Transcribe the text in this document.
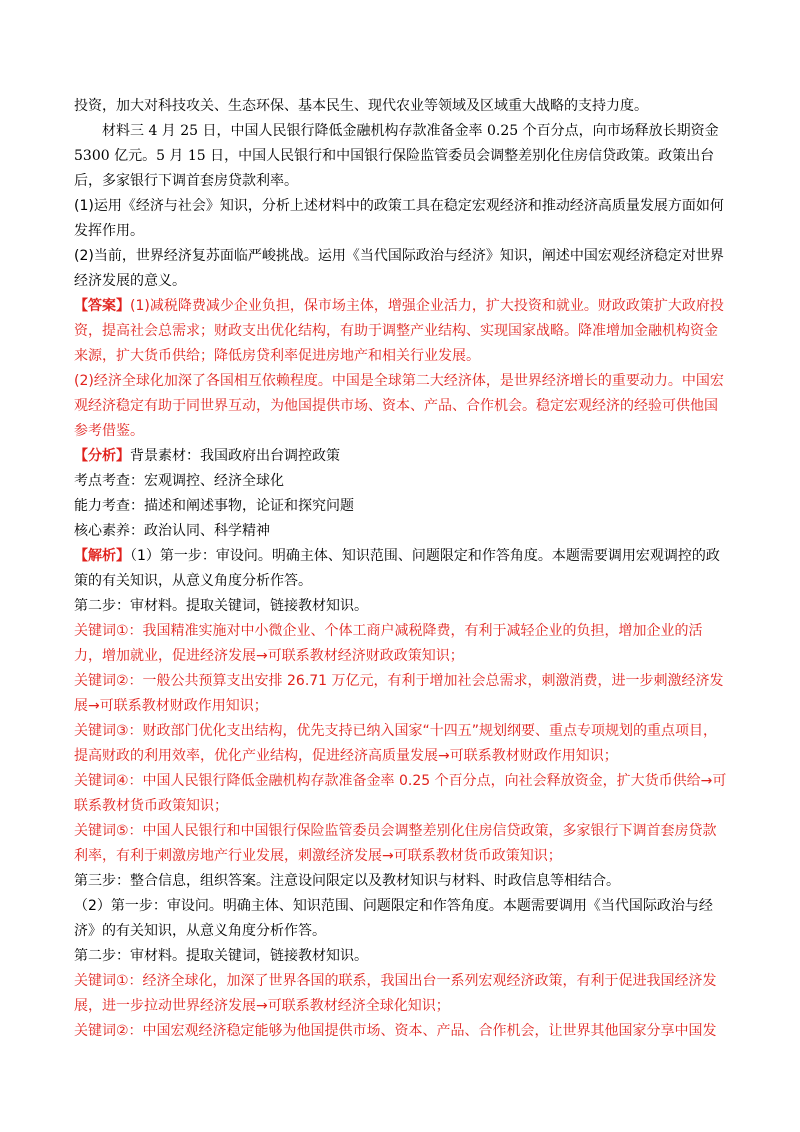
投资，加大对科技攻关、生态环保、基本民生、现代农业等领域及区域重大战略的支持力度。

材料三 4 月 25 日，中国人民银行降低金融机构存款准备金率 0.25 个百分点，向市场释放长期资金 5300 亿元。5 月 15 日，中国人民银行和中国银行保险监管委员会调整差别化住房信贷政策。政策出台后，多家银行下调首套房贷款利率。

(1)运用《经济与社会》知识，分析上述材料中的政策工具在稳定宏观经济和推动经济高质量发展方面如何发挥作用。

(2)当前，世界经济复苏面临严峻挑战。运用《当代国际政治与经济》知识，阐述中国宏观经济稳定对世界经济发展的意义。

【答案】(1)减税降费减少企业负担，保市场主体，增强企业活力，扩大投资和就业。财政政策扩大政府投资，提高社会总需求；财政支出优化结构，有助于调整产业结构、实现国家战略。降准增加金融机构资金来源，扩大货币供给；降低房贷利率促进房地产和相关行业发展。

(2)经济全球化加深了各国相互依赖程度。中国是全球第二大经济体，是世界经济增长的重要动力。中国宏观经济稳定有助于同世界互动，为他国提供市场、资本、产品、合作机会。稳定宏观经济的经验可供他国参考借鉴。

【分析】背景素材：我国政府出台调控政策

考点考查：宏观调控、经济全球化

能力考查：描述和阐述事物，论证和探究问题

核心素养：政治认同、科学精神

【解析】（1）第一步：审设问。明确主体、知识范围、问题限定和作答角度。本题需要调用宏观调控的政策的有关知识，从意义角度分析作答。

第二步：审材料。提取关键词，链接教材知识。

关键词①：我国精准实施对中小微企业、个体工商户减税降费，有利于减轻企业的负担，增加企业的活力，增加就业，促进经济发展→可联系教材经济财政政策知识；

关键词②：一般公共预算支出安排 26.71 万亿元，有利于增加社会总需求，刺激消费，进一步刺激经济发展→可联系教材财政作用知识；

关键词③：财政部门优化支出结构，优先支持已纳入国家“十四五”规划纲要、重点专项规划的重点项目，提高财政的利用效率，优化产业结构，促进经济高质量发展→可联系教材财政作用知识；

关键词④：中国人民银行降低金融机构存款准备金率 0.25 个百分点，向社会释放资金，扩大货币供给→可联系教材货币政策知识；

关键词⑤：中国人民银行和中国银行保险监管委员会调整差别化住房信贷政策，多家银行下调首套房贷款利率，有利于刺激房地产行业发展，刺激经济发展→可联系教材货币政策知识；

第三步：整合信息，组织答案。注意设问限定以及教材知识与材料、时政信息等相结合。

（2）第一步：审设问。明确主体、知识范围、问题限定和作答角度。本题需要调用《当代国际政治与经济》的有关知识，从意义角度分析作答。

第二步：审材料。提取关键词，链接教材知识。

关键词①：经济全球化，加深了世界各国的联系，我国出台一系列宏观经济政策，有利于促进我国经济发展，进一步拉动世界经济发展→可联系教材经济全球化知识；

关键词②：中国宏观经济稳定能够为他国提供市场、资本、产品、合作机会，让世界其他国家分享中国发
